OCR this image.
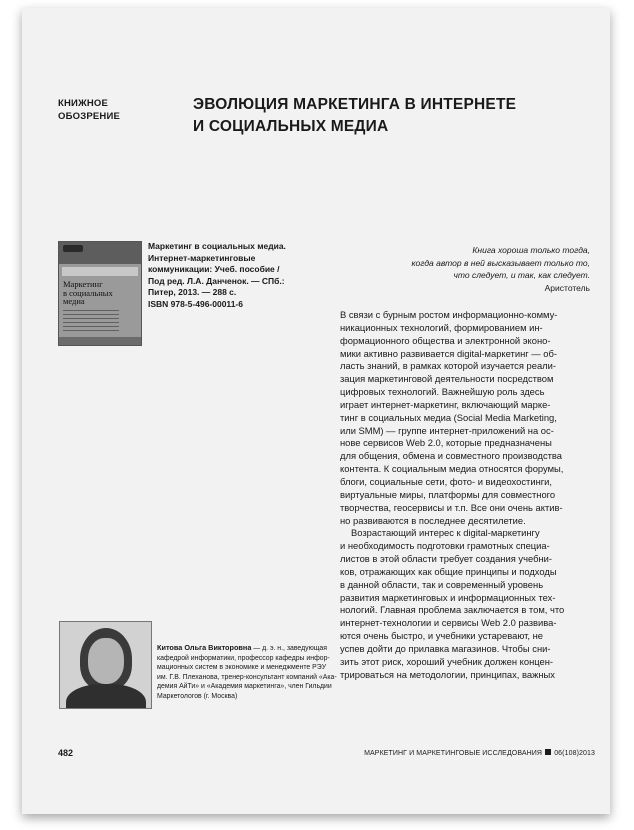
КНИЖНОЕ
ОБОЗРЕНИЕ
ЭВОЛЮЦИЯ МАРКЕТИНГА В ИНТЕРНЕТЕ
И СОЦИАЛЬНЫХ МЕДИА
Маркетинг
в социальных
медиа
Маркетинг в социальных медиа.
Интернет-маркетинговые
коммуникации: Учеб. пособие /
Под ред. Л.А. Данченок. — СПб.:
Питер, 2013. — 288 с.
ISBN 978-5-496-00011-6
Книга хороша только тогда,
когда автор в ней высказывает только то,
что следует, и так, как следует.
Аристотель
В связи с бурным ростом информационно-комму-
никационных технологий, формированием ин-
формационного общества и электронной эконо-
мики активно развивается digital-маркетинг — об-
ласть знаний, в рамках которой изучается реали-
зация маркетинговой деятельности посредством
цифровых технологий. Важнейшую роль здесь
играет интернет-маркетинг, включающий марке-
тинг в социальных медиа (Social Media Marketing,
или SMM) — группе интернет-приложений на ос-
нове сервисов Web 2.0, которые предназначены
для общения, обмена и совместного производства
контента. К социальным медиа относятся форумы,
блоги, социальные сети, фото- и видеохостинги,
виртуальные миры, платформы для совместного
творчества, геосервисы и т.п. Все они очень актив-
но развиваются в последнее десятилетие.
Возрастающий интерес к digital-маркетингу
и необходимость подготовки грамотных специа-
листов в этой области требует создания учебни-
ков, отражающих как общие принципы и подходы
в данной области, так и современный уровень
развития маркетинговых и информационных тех-
нологий. Главная проблема заключается в том, что
интернет-технологии и сервисы Web 2.0 развива-
ются очень быстро, и учебники устаревают, не
успев дойти до прилавка магазинов. Чтобы сни-
зить этот риск, хороший учебник должен концен-
трироваться на методологии, принципах, важных
Китова Ольга Викторовна — д. э. н., заведующая
кафедрой информатики, профессор кафедры инфор-
мационных систем в экономике и менеджменте РЭУ
им. Г.В. Плеханова, тренер-консультант компаний «Ака-
демия АйТи» и «Академия маркетинга», член Гильдии
Маркетологов (г. Москва)
482	МАРКЕТИНГ И МАРКЕТИНГОВЫЕ ИССЛЕДОВАНИЯ 06(108)2013
